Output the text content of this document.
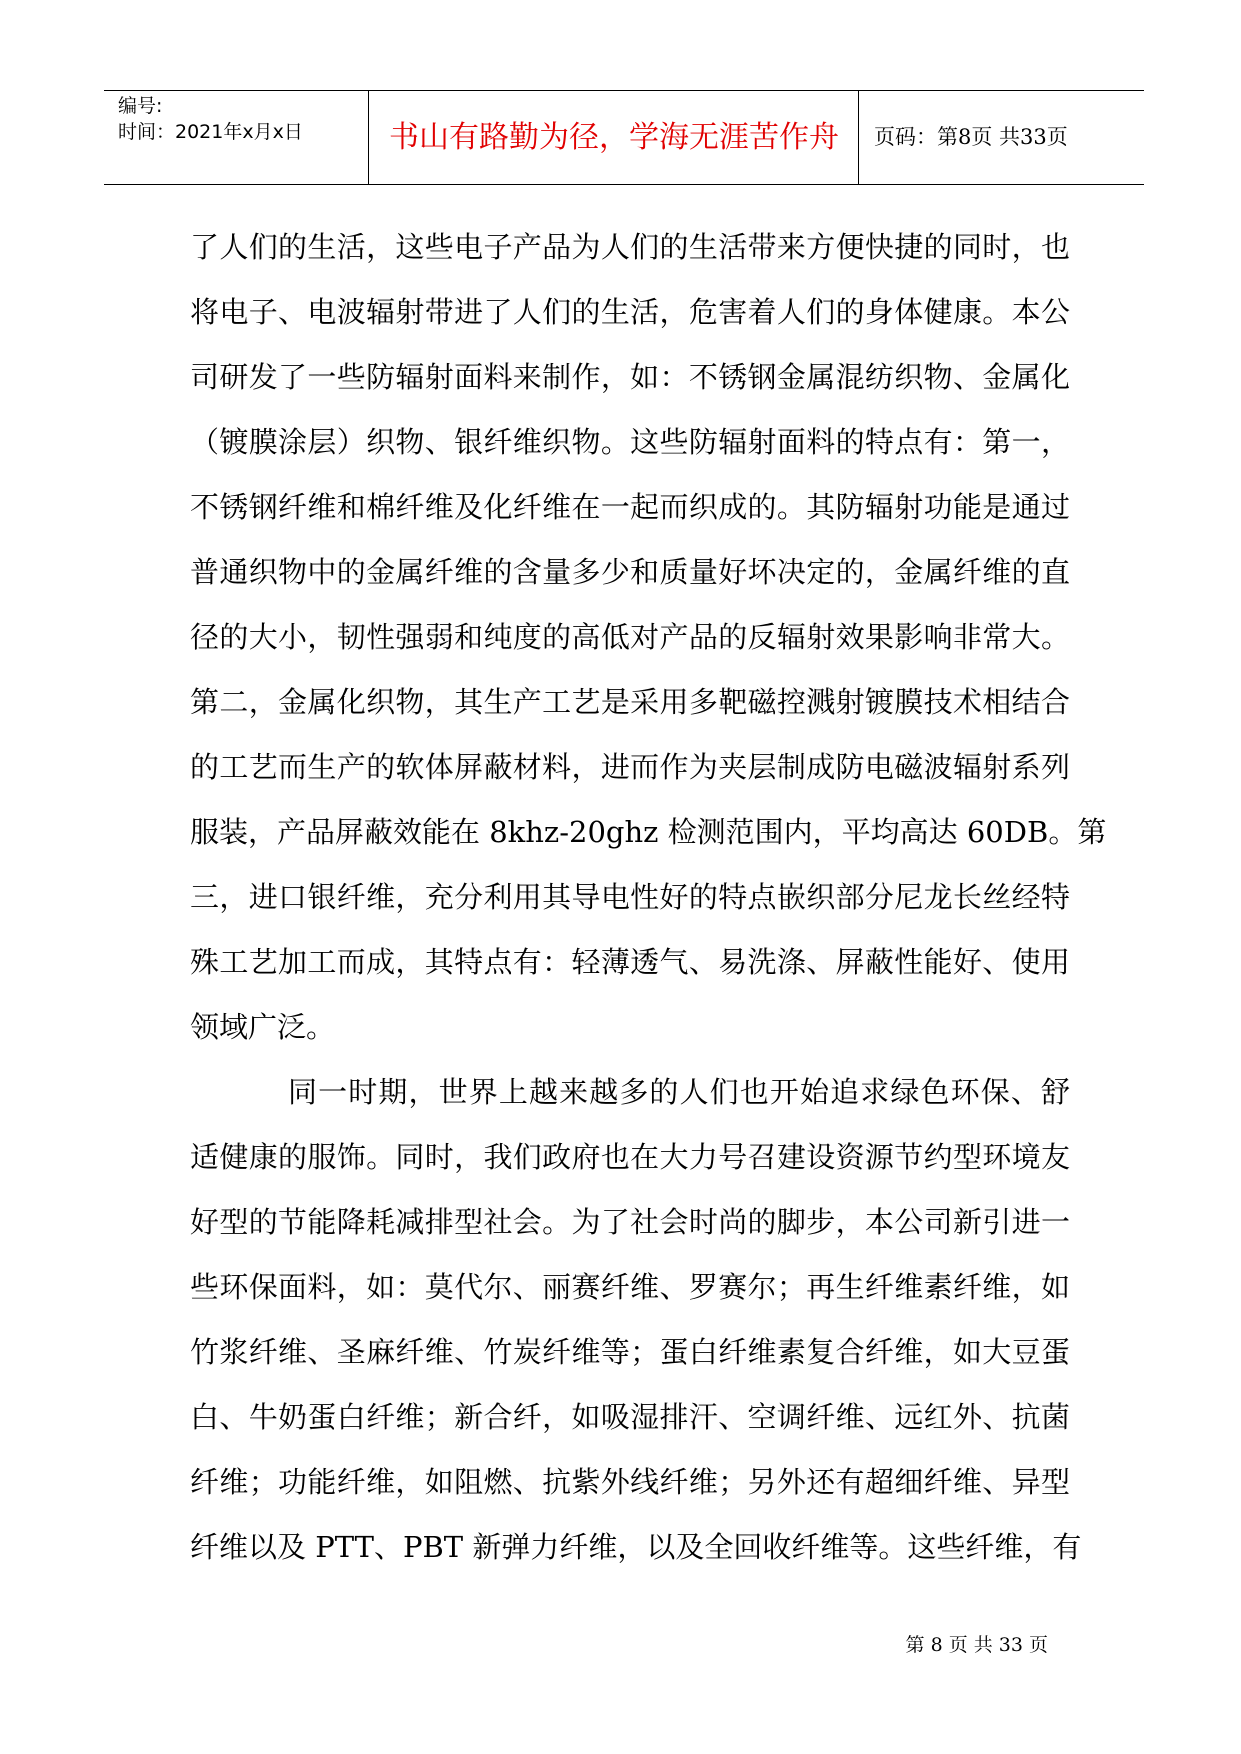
编号:
时间：2021年x月x日	书山有路勤为径，学海无涯苦作舟	页码：第8页 共33页
了人们的生活，这些电子产品为人们的生活带来方便快捷的同时，也
将电子、电波辐射带进了人们的生活，危害着人们的身体健康。本公
司研发了一些防辐射面料来制作，如：不锈钢金属混纺织物、金属化
（镀膜涂层）织物、银纤维织物。这些防辐射面料的特点有：第一，
不锈钢纤维和棉纤维及化纤维在一起而织成的。其防辐射功能是通过
普通织物中的金属纤维的含量多少和质量好坏决定的，金属纤维的直
径的大小，韧性强弱和纯度的高低对产品的反辐射效果影响非常大。
第二，金属化织物，其生产工艺是采用多靶磁控溅射镀膜技术相结合
的工艺而生产的软体屏蔽材料，进而作为夹层制成防电磁波辐射系列
服装，产品屏蔽效能在 8khz-20ghz 检测范围内，平均高达 60DB。第
三，进口银纤维，充分利用其导电性好的特点嵌织部分尼龙长丝经特
殊工艺加工而成，其特点有：轻薄透气、易洗涤、屏蔽性能好、使用
领域广泛。
同一时期，世界上越来越多的人们也开始追求绿色环保、舒
适健康的服饰。同时，我们政府也在大力号召建设资源节约型环境友
好型的节能降耗减排型社会。为了社会时尚的脚步，本公司新引进一
些环保面料，如：莫代尔、丽赛纤维、罗赛尔；再生纤维素纤维，如
竹浆纤维、圣麻纤维、竹炭纤维等；蛋白纤维素复合纤维，如大豆蛋
白、牛奶蛋白纤维；新合纤，如吸湿排汗、空调纤维、远红外、抗菌
纤维；功能纤维，如阻燃、抗紫外线纤维；另外还有超细纤维、异型
纤维以及 PTT、PBT 新弹力纤维，以及全回收纤维等。这些纤维，有
第 8 页 共 33 页
